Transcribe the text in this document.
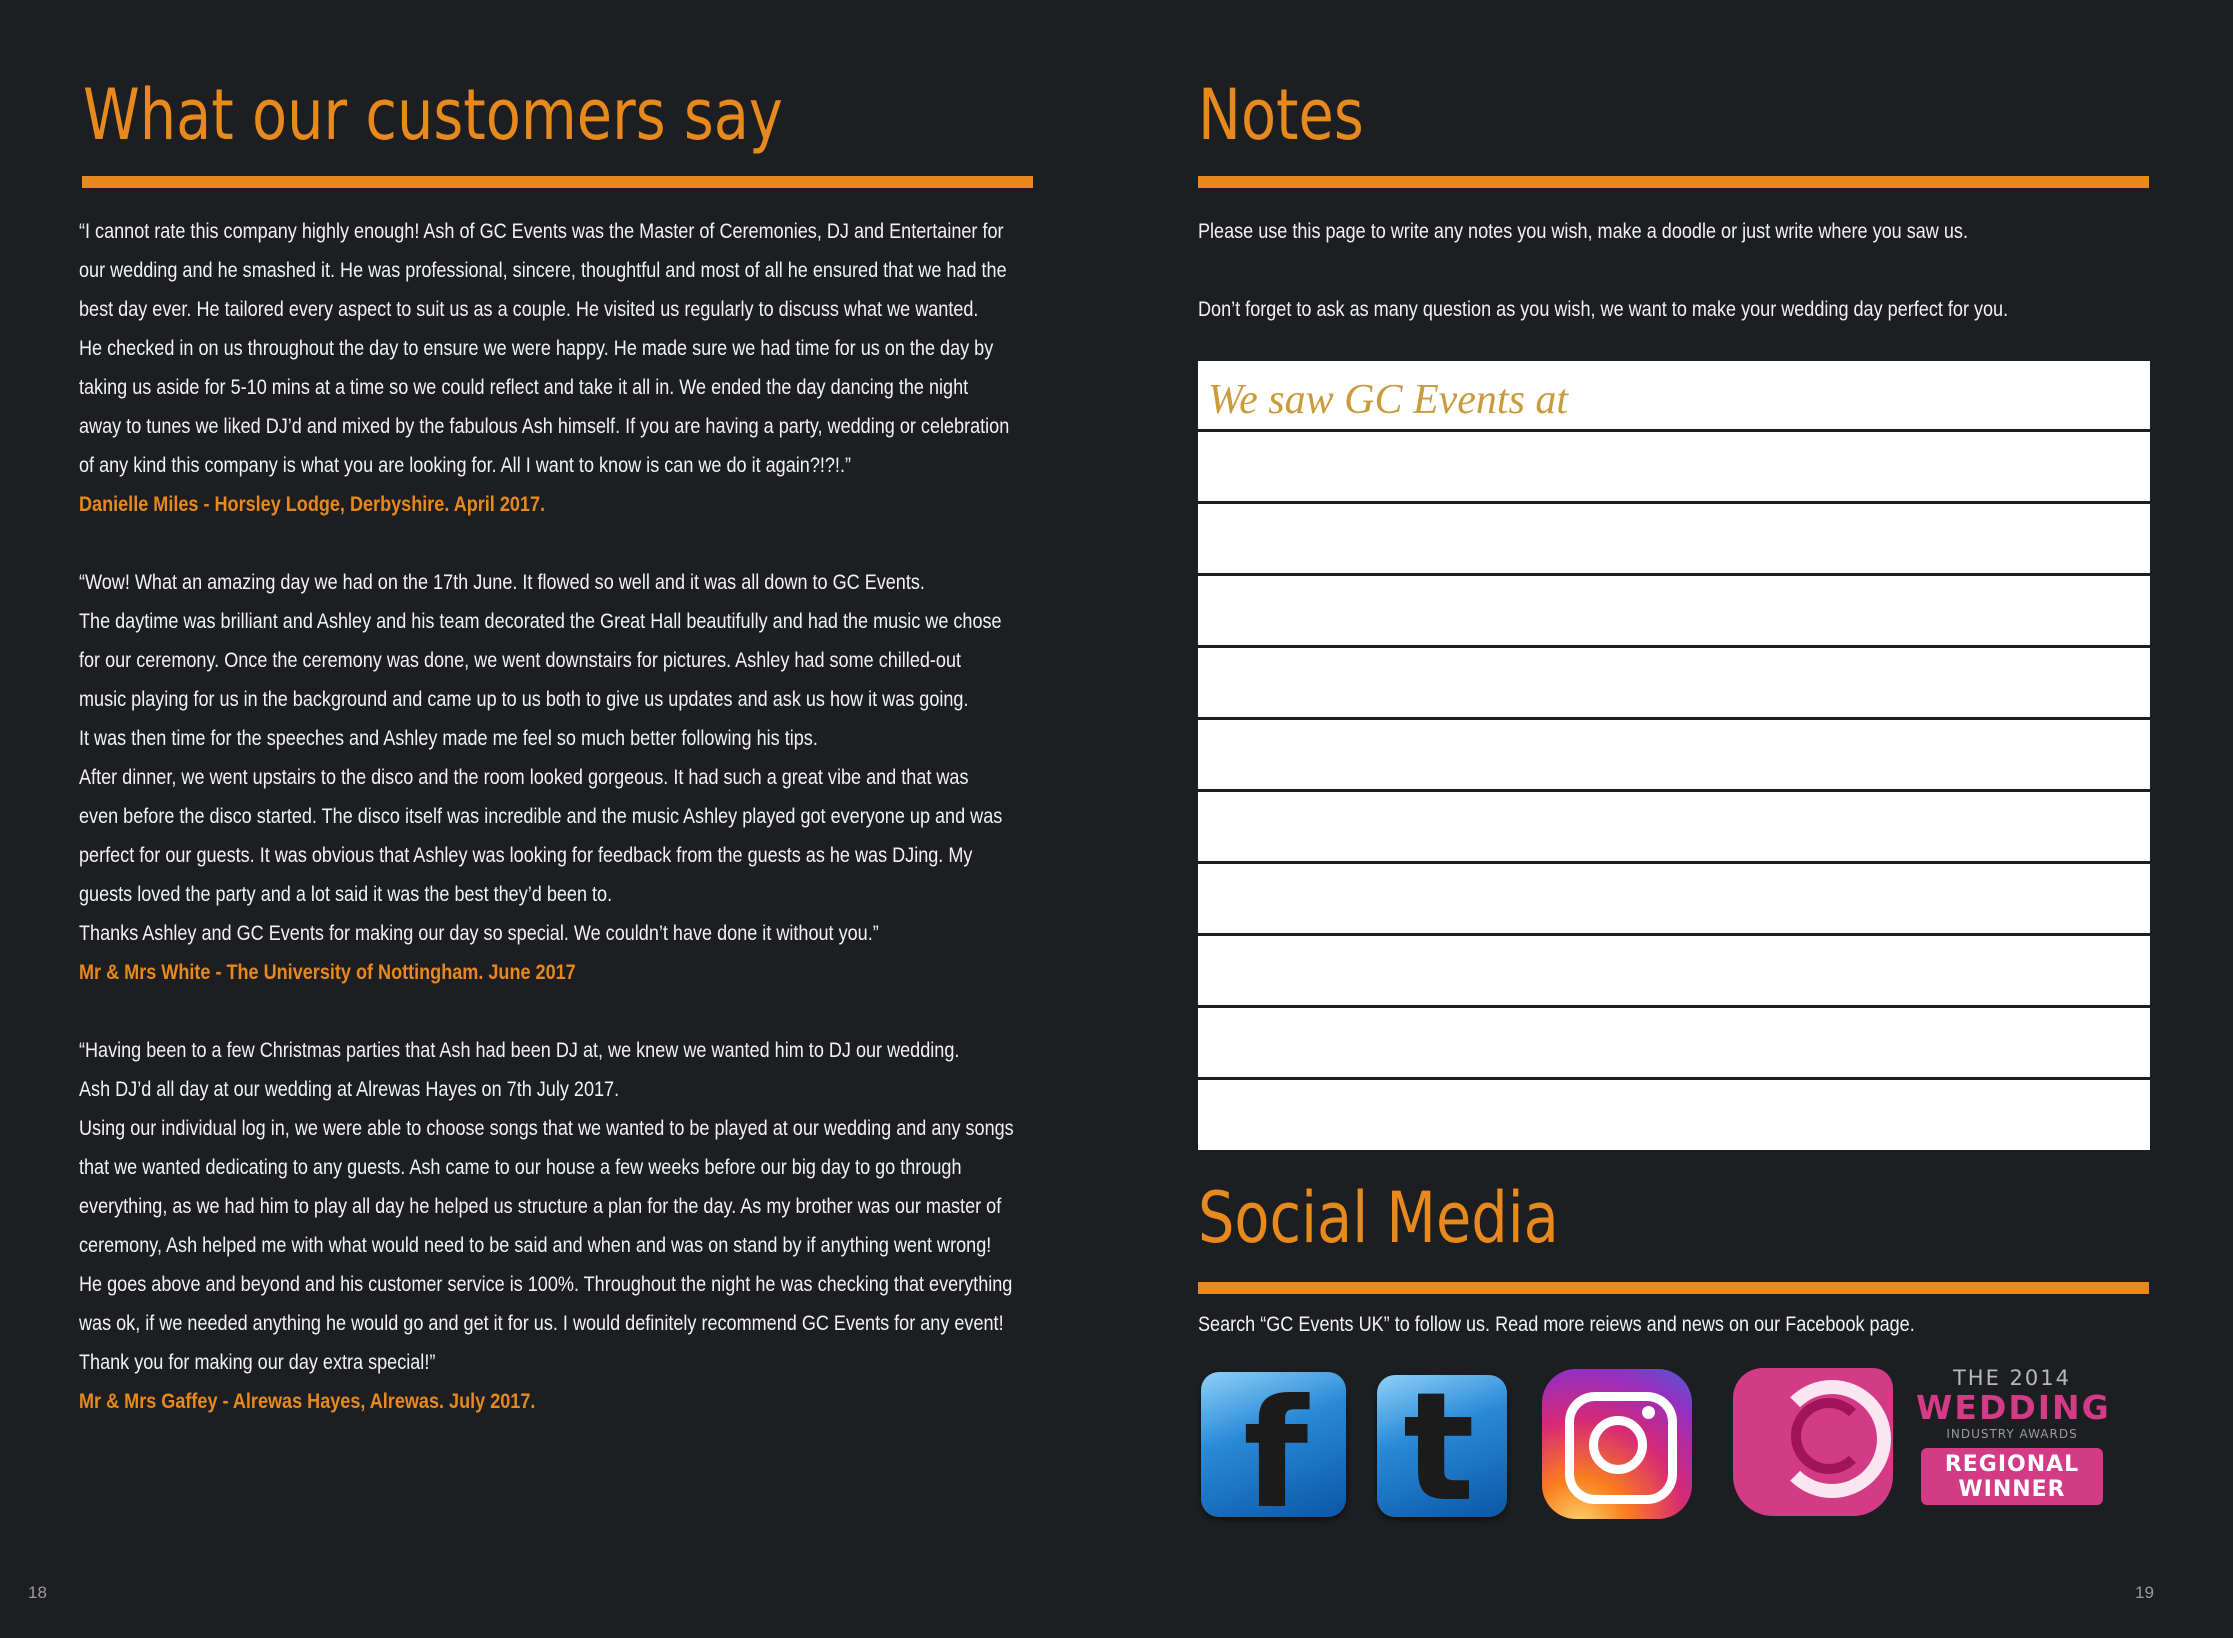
What our customers say

“I cannot rate this company highly enough! Ash of GC Events was the Master of Ceremonies, DJ and Entertainer for

our wedding and he smashed it. He was professional, sincere, thoughtful and most of all he ensured that we had the

best day ever. He tailored every aspect to suit us as a couple. He visited us regularly to discuss what we wanted.

He checked in on us throughout the day to ensure we were happy. He made sure we had time for us on the day by

taking us aside for 5-10 mins at a time so we could reflect and take it all in. We ended the day dancing the night

away to tunes we liked DJ’d and mixed by the fabulous Ash himself. If you are having a party, wedding or celebration

of any kind this company is what you are looking for. All I want to know is can we do it again?!?!.”

Danielle Miles - Horsley Lodge, Derbyshire. April 2017.

“Wow! What an amazing day we had on the 17th June. It flowed so well and it was all down to GC Events.

The daytime was brilliant and Ashley and his team decorated the Great Hall beautifully and had the music we chose

for our ceremony. Once the ceremony was done, we went downstairs for pictures. Ashley had some chilled-out

music playing for us in the background and came up to us both to give us updates and ask us how it was going.

It was then time for the speeches and Ashley made me feel so much better following his tips.

After dinner, we went upstairs to the disco and the room looked gorgeous. It had such a great vibe and that was

even before the disco started. The disco itself was incredible and the music Ashley played got everyone up and was

perfect for our guests. It was obvious that Ashley was looking for feedback from the guests as he was DJing. My

guests loved the party and a lot said it was the best they’d been to.

Thanks Ashley and GC Events for making our day so special. We couldn’t have done it without you.”

Mr & Mrs White - The University of Nottingham. June 2017

“Having been to a few Christmas parties that Ash had been DJ at, we knew we wanted him to DJ our wedding.

Ash DJ’d all day at our wedding at Alrewas Hayes on 7th July 2017.

Using our individual log in, we were able to choose songs that we wanted to be played at our wedding and any songs

that we wanted dedicating to any guests. Ash came to our house a few weeks before our big day to go through

everything, as we had him to play all day he helped us structure a plan for the day. As my brother was our master of

ceremony, Ash helped me with what would need to be said and when and was on stand by if anything went wrong!

He goes above and beyond and his customer service is 100%. Throughout the night he was checking that everything

was ok, if we needed anything he would go and get it for us. I would definitely recommend GC Events for any event!

Thank you for making our day extra special!”

Mr & Mrs Gaffey - Alrewas Hayes, Alrewas. July 2017.

18
Notes

Please use this page to write any notes you wish, make a doodle or just write where you saw us.

Don’t forget to ask as many question as you wish, we want to make your wedding day perfect for you.

We saw GC Events at
Social Media

Search “GC Events UK” to follow us. Read more reiews and news on our Facebook page.

f t	THE 2014
WEDDING
INDUSTRY AWARDS
REGIONAL
WINNER
19
